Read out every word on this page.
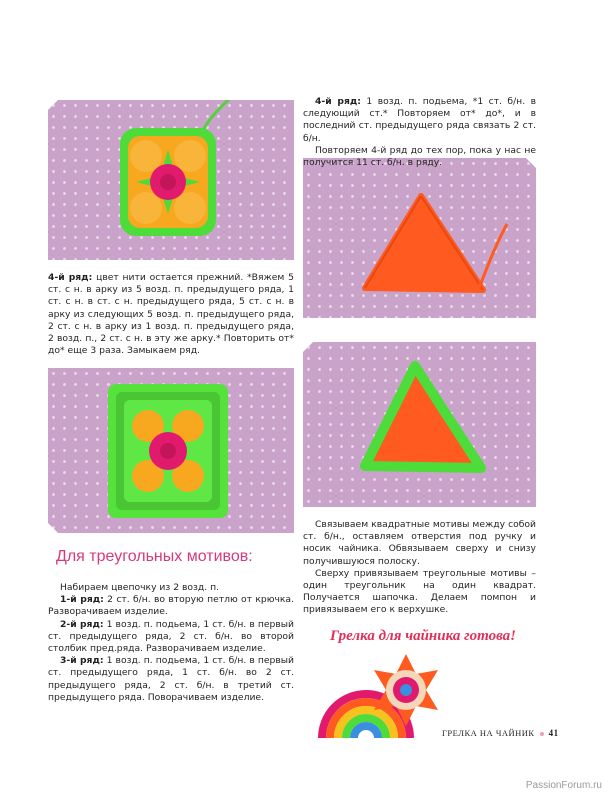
4-й ряд: цвет нити остается прежний. *Вяжем 5 ст. с н. в арку из 5 возд. п. предыдущего ряда, 1 ст. с н. в ст. с н. предыдущего ряда, 5 ст. с н. в арку из следующих 5 возд. п. предыдущего ряда, 2 ст. с н. в арку из 1 возд. п. предыдущего ряда, 2 возд. п., 2 ст. с н. в эту же арку.* Повторить от* до* еще 3 раза. Замыкаем ряд.

4-й ряд: 1 возд. п. подьема, *1 ст. б/н. в следующий ст.* Повторяем от* до*, и в последний ст. предыдущего ряда связать 2 ст. б/н.

Повторяем 4-й ряд до тех пор, пока у нас не получится 11 ст. б/н. в ряду.

Для треугольных мотивов:

Набираем цвепочку из 2 возд. п.

1-й ряд: 2 ст. б/н. во вторую петлю от крючка. Разворачиваем изделие.

2-й ряд: 1 возд. п. подьема, 1 ст. б/н. в первый ст. предыдущего ряда, 2 ст. б/н. во второй столбик пред.ряда. Разворачиваем изделие.

3-й ряд: 1 возд. п. подьема, 1 ст. б/н. в первый ст. предыдущего ряда, 1 ст. б/н. во 2 ст. предыдущего ряда, 2 ст. б/н. в третий ст. предыдущего ряда. Поворачиваем изделие.

Связываем квадратные мотивы между собой ст. б/н., оставляем отверстия под ручку и носик чайника. Обвязываем сверху и снизу получившуюся полоску.

Сверху привязываем треугольные мотивы – один треугольник на один квадрат. Получается шапочка. Делаем помпон и привязываем его к верхушке.

Грелка для чайника готова!
ГРЕЛКА НА ЧАЙНИК 41
PassionForum.ru
